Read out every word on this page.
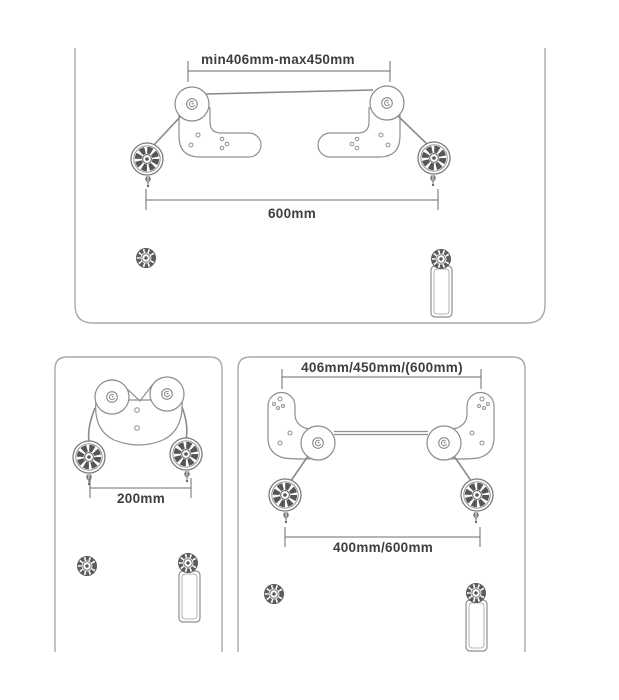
min406mm-max450mm
600mm
200mm
406mm/450mm/(600mm)
400mm/600mm
